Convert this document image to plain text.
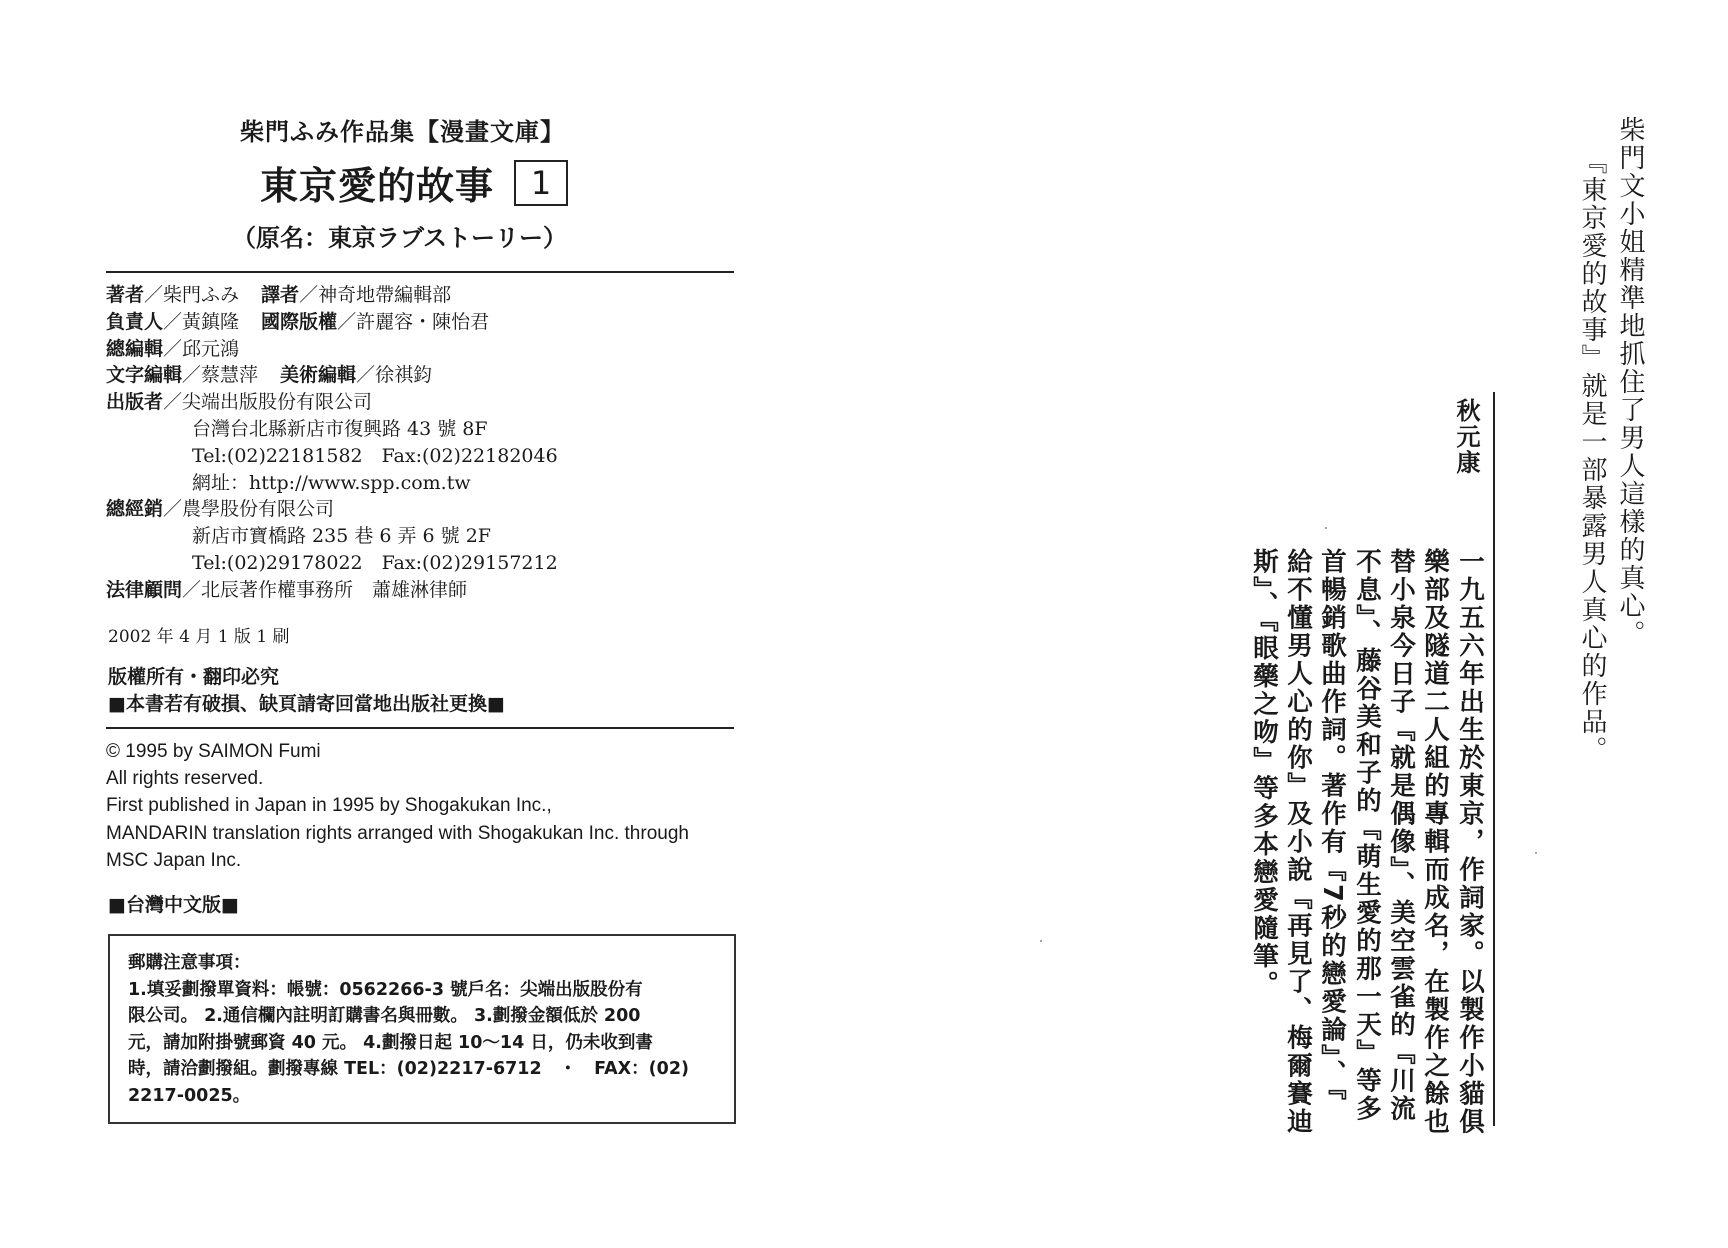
柴門ふみ作品集【漫畫文庫】
東京愛的故事	1
（原名：東京ラブストーリー）
著者／柴門ふみ 譯者／神奇地帶編輯部
負責人／黃鎮隆 國際版權／許麗容・陳怡君
總編輯／邱元鴻
文字編輯／蔡慧萍 美術編輯／徐祺鈞
出版者／尖端出版股份有限公司
台灣台北縣新店市復興路 43 號 8F
Tel:(02)22181582　Fax:(02)22182046
網址：http://www.spp.com.tw
總經銷／農學股份有限公司
新店市寶橋路 235 巷 6 弄 6 號 2F
Tel:(02)29178022　Fax:(02)29157212
法律顧問／北辰著作權事務所　蕭雄淋律師
2002 年 4 月 1 版 1 刷
版權所有・翻印必究
■本書若有破損、缺頁請寄回當地出版社更換■
© 1995 by SAIMON Fumi
All rights reserved.
First published in Japan in 1995 by Shogakukan Inc.,
MANDARIN translation rights arranged with Shogakukan Inc. through
MSC Japan Inc.
■台灣中文版■
郵購注意事項：
1.填妥劃撥單資料：帳號：0562266-3 號戶名：尖端出版股份有
限公司。 2.通信欄內註明訂購書名與冊數。 3.劃撥金額低於 200
元，請加附掛號郵資 40 元。 4.劃撥日起 10～14 日，仍未收到書
時，請洽劃撥組。劃撥專線 TEL：(02)2217-6712　・　FAX：(02)
2217-0025。
柴門文小姐精準地抓住了男人這樣的真心。
『東京愛的故事』就是一部暴露男人真心的作品。
秋元康
一九五六年出生於東京，作詞家。以製作小貓俱
樂部及隧道二人組的專輯而成名，在製作之餘也
替小泉今日子『就是偶像』、美空雲雀的『川流
不息』、藤谷美和子的『萌生愛的那一天』等多
首暢銷歌曲作詞。著作有『7秒的戀愛論』、『
給不懂男人心的你』及小說『再見了、梅爾賽迪
斯』、『眼藥之吻』等多本戀愛隨筆。
